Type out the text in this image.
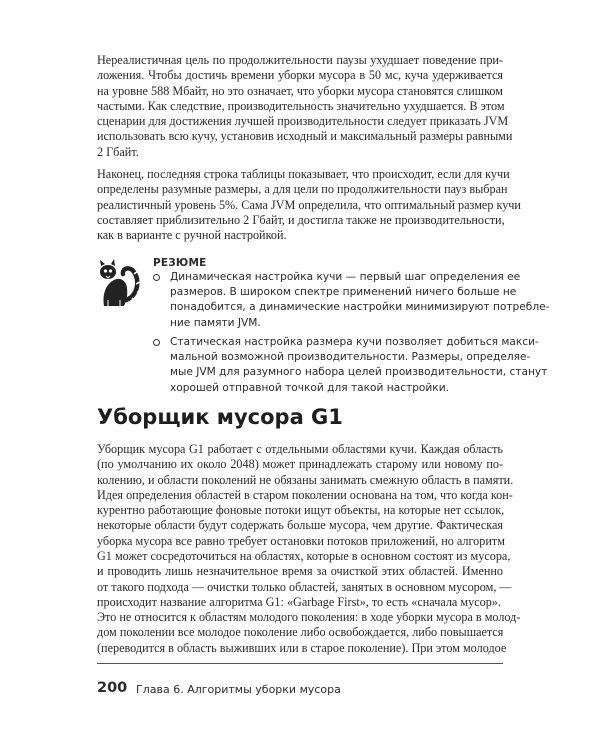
Нереалистичная цель по продолжительности паузы ухудшает поведение при-
ложения. Чтобы достичь времени уборки мусора в 50 мс, куча удерживается
на уровне 588 Мбайт, но это означает, что уборки мусора становятся слишком
частыми. Как следствие, производительность значительно ухудшается. В этом
сценарии для достижения лучшей производительности следует приказать JVM
использовать всю кучу, установив исходный и максимальный размеры равными
2 Гбайт.
Наконец, последняя строка таблицы показывает, что происходит, если для кучи
определены разумные размеры, а для цели по продолжительности пауз выбран
реалистичный уровень 5%. Сама JVM определила, что оптимальный размер кучи
составляет приблизительно 2 Гбайт, и достигла также не производительности,
как в варианте с ручной настройкой.
РЕЗЮМЕ
Динамическая настройка кучи — первый шаг определения ее
размеров. В широком спектре применений ничего больше не
понадобится, а динамические настройки минимизируют потребле-
ние памяти JVM.
Статическая настройка размера кучи позволяет добиться макси-
мальной возможной производительности. Размеры, определяе-
мые JVM для разумного набора целей производительности, станут
хорошей отправной точкой для такой настройки.
Уборщик мусора G1
Уборщик мусора G1 работает с отдельными областями кучи. Каждая область
(по умолчанию их около 2048) может принадлежать старому или новому по-
колению, и области поколений не обязаны занимать смежную область в памяти.
Идея определения областей в старом поколении основана на том, что когда кон-
курентно работающие фоновые потоки ищут объекты, на которые нет ссылок,
некоторые области будут содержать больше мусора, чем другие. Фактическая
уборка мусора все равно требует остановки потоков приложений, но алгоритм
G1 может сосредоточиться на областях, которые в основном состоят из мусора,
и проводить лишь незначительное время за очисткой этих областей. Именно
от такого подхода — очистки только областей, занятых в основном мусором, —
происходит название алгоритма G1: «Garbage First», то есть «сначала мусор».
Это не относится к областям молодого поколения: в ходе уборки мусора в молод-
дом поколении все молодое поколение либо освобождается, либо повышается
(переводится в область выживших или в старое поколение). При этом молодое
200 Глава 6. Алгоритмы уборки мусора
